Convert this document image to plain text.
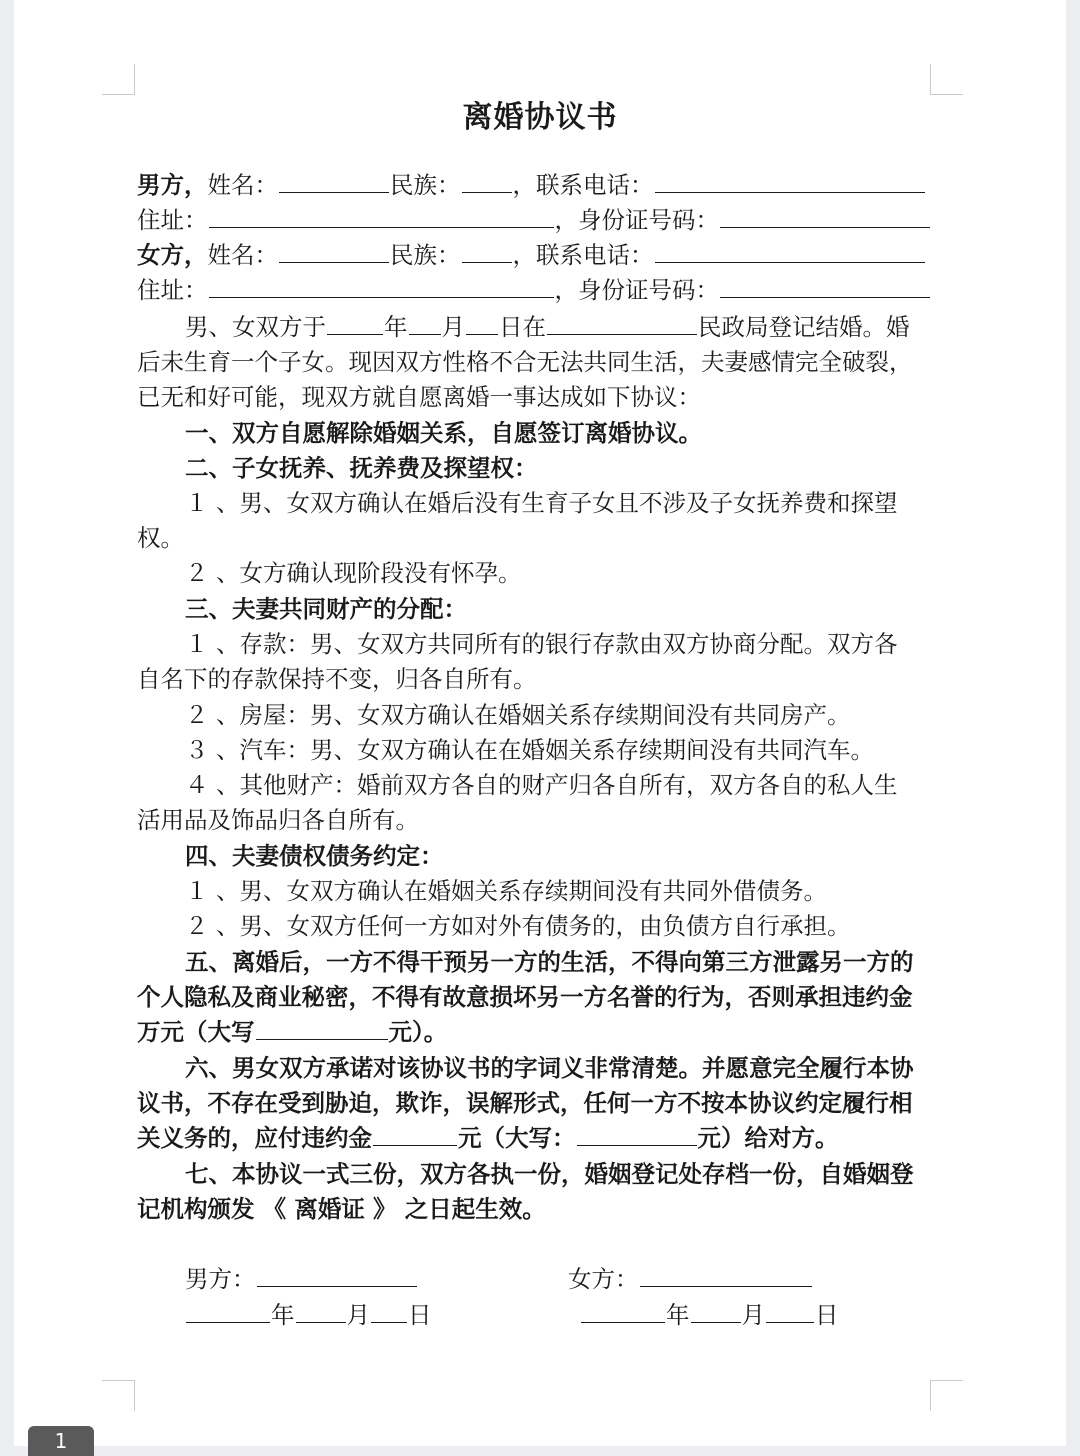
离婚协议书
男方，姓名：	民族： ，联系电话：
住址：	，身份证号码：
女方，姓名：	民族： ，联系电话：
住址：	，身份证号码：
男、女双方于 年 月 日在	民政局登记结婚。婚
后未生育一个子女。现因双方性格不合无法共同生活，夫妻感情完全破裂，
已无和好可能，现双方就自愿离婚一事达成如下协议：
一、双方自愿解除婚姻关系，自愿签订离婚协议。
二、子女抚养、抚养费及探望权：
１ 、男、女双方确认在婚后没有生育子女且不涉及子女抚养费和探望
权。
２ 、女方确认现阶段没有怀孕。
三、夫妻共同财产的分配：
１ 、存款：男、女双方共同所有的银行存款由双方协商分配。双方各
自名下的存款保持不变，归各自所有。
２ 、房屋：男、女双方确认在婚姻关系存续期间没有共同房产。
３ 、汽车：男、女双方确认在在婚姻关系存续期间没有共同汽车。
４ 、其他财产：婚前双方各自的财产归各自所有，双方各自的私人生
活用品及饰品归各自所有。
四、夫妻债权债务约定：
１ 、男、女双方确认在婚姻关系存续期间没有共同外借债务。
２ 、男、女双方任何一方如对外有债务的，由负债方自行承担。
五、离婚后，一方不得干预另一方的生活，不得向第三方泄露另一方的
个人隐私及商业秘密，不得有故意损坏另一方名誉的行为，否则承担违约金
万元（大写	元）。
六、男女双方承诺对该协议书的字词义非常清楚。并愿意完全履行本协
议书，不存在受到胁迫，欺诈，误解形式，任何一方不按本协议约定履行相
关义务的，应付违约金	元（大写：	元）给对方。
七、本协议一式三份，双方各执一份，婚姻登记处存档一份，自婚姻登
记机构颁发 《 离婚证 》 之日起生效。
男方：	女方：
年 月 日	年 月 日
1
